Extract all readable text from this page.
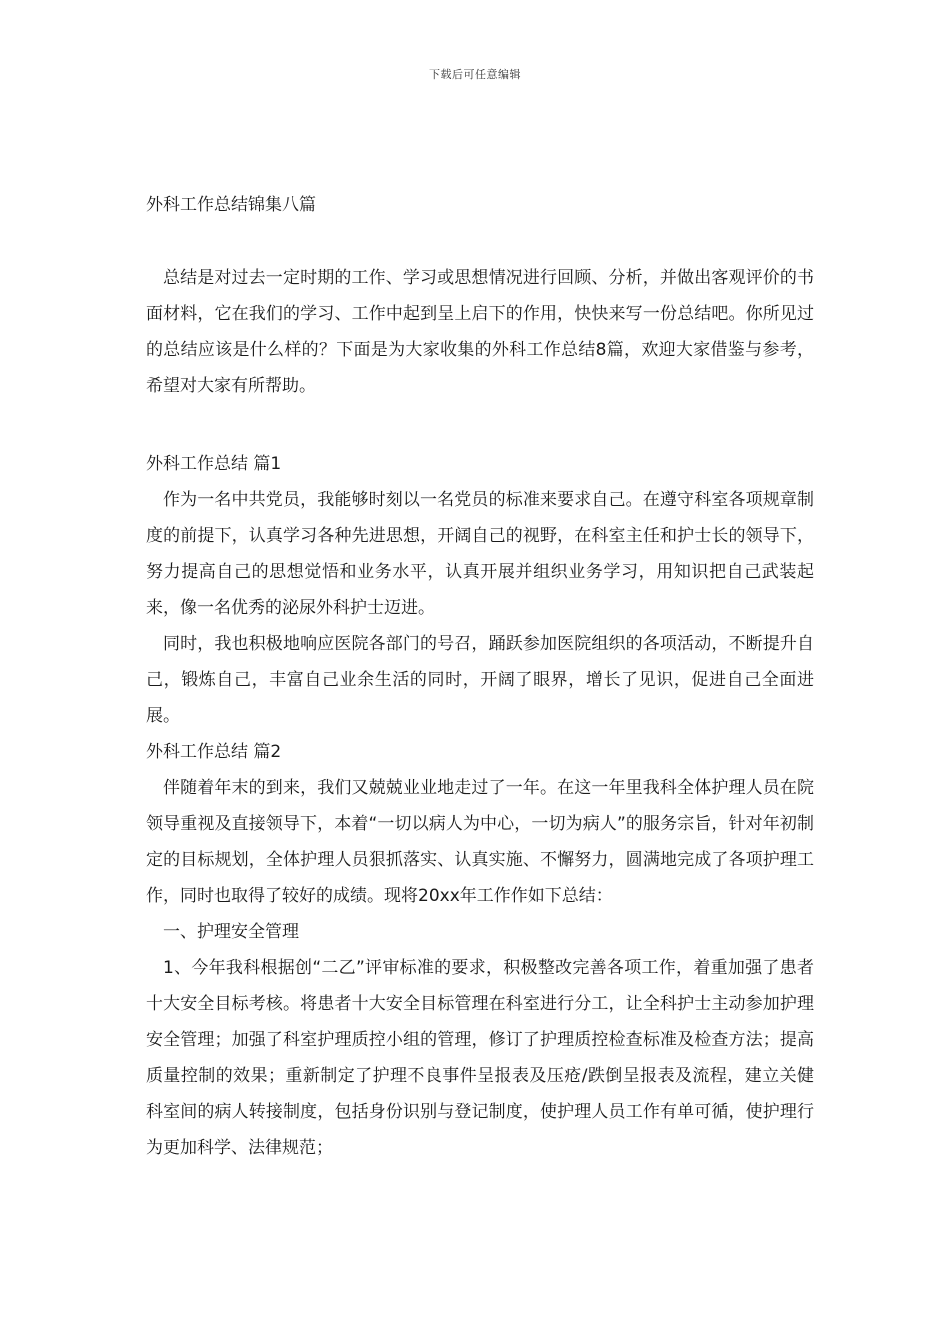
下载后可任意编辑

外科工作总结锦集八篇

总结是对过去一定时期的工作、学习或思想情况进行回顾、分析，并做出客观评价的书面材料，它在我们的学习、工作中起到呈上启下的作用，快快来写一份总结吧。你所见过的总结应该是什么样的？下面是为大家收集的外科工作总结8篇，欢迎大家借鉴与参考，希望对大家有所帮助。

外科工作总结 篇1

作为一名中共党员，我能够时刻以一名党员的标准来要求自己。在遵守科室各项规章制度的前提下，认真学习各种先进思想，开阔自己的视野，在科室主任和护士长的领导下，努力提高自己的思想觉悟和业务水平，认真开展并组织业务学习，用知识把自己武装起来，像一名优秀的泌尿外科护士迈进。

同时，我也积极地响应医院各部门的号召，踊跃参加医院组织的各项活动，不断提升自己，锻炼自己，丰富自己业余生活的同时，开阔了眼界，增长了见识，促进自己全面进展。

外科工作总结 篇2

伴随着年末的到来，我们又兢兢业业地走过了一年。在这一年里我科全体护理人员在院领导重视及直接领导下，本着“一切以病人为中心，一切为病人”的服务宗旨，针对年初制定的目标规划，全体护理人员狠抓落实、认真实施、不懈努力，圆满地完成了各项护理工作，同时也取得了较好的成绩。现将20xx年工作作如下总结：

一、护理安全管理

1、今年我科根据创“二乙”评审标准的要求，积极整改完善各项工作，着重加强了患者十大安全目标考核。将患者十大安全目标管理在科室进行分工，让全科护士主动参加护理安全管理；加强了科室护理质控小组的管理，修订了护理质控检查标准及检查方法；提高质量控制的效果；重新制定了护理不良事件呈报表及压疮/跌倒呈报表及流程，建立关健科室间的病人转接制度，包括身份识别与登记制度，使护理人员工作有单可循，使护理行为更加科学、法律规范；
